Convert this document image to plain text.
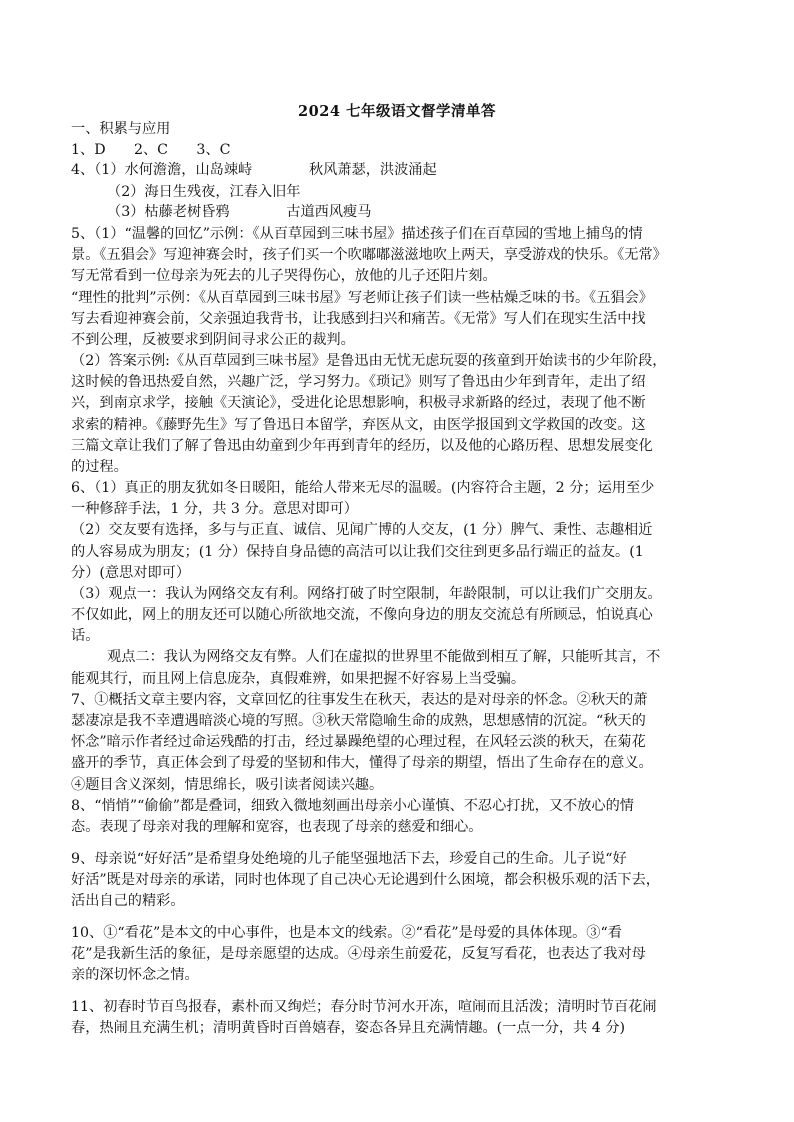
2024 七年级语文督学清单答
一、积累与应用
1、D　　2、C　　3、C
4、（1）水何澹澹，山岛竦峙　　　　秋风萧瑟，洪波涌起
（2）海日生残夜，江春入旧年
（3）枯藤老树昏鸦　　　　古道西风瘦马
5、（1）“温馨的回忆”示例：《从百草园到三味书屋》描述孩子们在百草园的雪地上捕鸟的情
景。《五猖会》写迎神赛会时，孩子们买一个吹嘟嘟滋滋地吹上两天，享受游戏的快乐。《无常》
写无常看到一位母亲为死去的儿子哭得伤心，放他的儿子还阳片刻。
“理性的批判”示例：《从百草园到三味书屋》写老师让孩子们读一些枯燥乏味的书。《五猖会》
写去看迎神赛会前，父亲强迫我背书，让我感到扫兴和痛苦。《无常》写人们在现实生活中找
不到公理，反被要求到阴间寻求公正的裁判。
（2）答案示例:《从百草园到三味书屋》是鲁迅由无忧无虑玩耍的孩童到开始读书的少年阶段，
这时候的鲁迅热爱自然，兴趣广泛，学习努力。《琐记》则写了鲁迅由少年到青年，走出了绍
兴，到南京求学，接触《天演论》，受进化论思想影响，积极寻求新路的经过，表现了他不断
求索的精神。《藤野先生》写了鲁迅日本留学，弃医从文，由医学报国到文学救国的改变。这
三篇文章让我们了解了鲁迅由幼童到少年再到青年的经历，以及他的心路历程、思想发展变化
的过程。
6、（1）真正的朋友犹如冬日暖阳，能给人带来无尽的温暖。(内容符合主题，2 分；运用至少
一种修辞手法，1 分，共 3 分。意思对即可）
（2）交友要有选择，多与与正直、诚信、见闻广博的人交友，(1 分）脾气、秉性、志趣相近
的人容易成为朋友；(1 分）保持自身品德的高洁可以让我们交往到更多品行端正的益友。(1
分）(意思对即可）
（3）观点一：我认为网络交友有利。网络打破了时空限制，年龄限制，可以让我们广交朋友。
不仅如此，网上的朋友还可以随心所欲地交流，不像向身边的朋友交流总有所顾忌，怕说真心
话。
观点二：我认为网络交友有弊。人们在虚拟的世界里不能做到相互了解，只能听其言，不
能观其行，而且网上信息庞杂，真假难辨，如果把握不好容易上当受骗。
7、①概括文章主要内容，文章回忆的往事发生在秋天，表达的是对母亲的怀念。②秋天的萧
瑟凄凉是我不幸遭遇暗淡心境的写照。③秋天常隐喻生命的成熟，思想感情的沉淀。“秋天的
怀念”暗示作者经过命运残酷的打击，经过暴躁绝望的心理过程，在风轻云淡的秋天，在菊花
盛开的季节，真正体会到了母爱的坚韧和伟大，懂得了母亲的期望，悟出了生命存在的意义。
④题目含义深刻，情思绵长，吸引读者阅读兴趣。
8、“悄悄”“偷偷”都是叠词，细致入微地刻画出母亲小心谨慎、不忍心打扰，又不放心的情
态。表现了母亲对我的理解和宽容，也表现了母亲的慈爱和细心。
9、母亲说“好好活”是希望身处绝境的儿子能坚强地活下去，珍爱自己的生命。儿子说“好
好活”既是对母亲的承诺，同时也体现了自己决心无论遇到什么困境，都会积极乐观的活下去，
活出自己的精彩。
10、①“看花”是本文的中心事件，也是本文的线索。②“看花”是母爱的具体体现。③“看
花”是我新生活的象征，是母亲愿望的达成。④母亲生前爱花，反复写看花，也表达了我对母
亲的深切怀念之情。
11、初春时节百鸟报春，素朴而又绚烂；春分时节河水开冻，喧闹而且活泼；清明时节百花闹
春，热闹且充满生机；清明黄昏时百兽嬉春，姿态各异且充满情趣。(一点一分，共 4 分)
